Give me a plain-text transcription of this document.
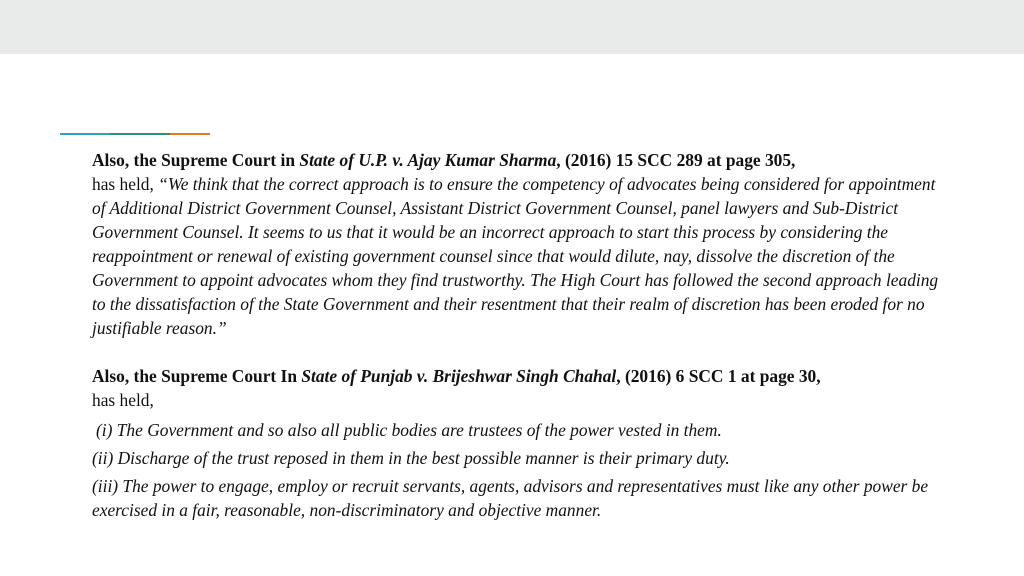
Also, the Supreme Court in State of U.P. v. Ajay Kumar Sharma, (2016) 15 SCC 289 at page 305,
has held, “We think that the correct approach is to ensure the competency of advocates being considered for appointment of Additional District Government Counsel, Assistant District Government Counsel, panel lawyers and Sub-District Government Counsel. It seems to us that it would be an incorrect approach to start this process by considering the reappointment or renewal of existing government counsel since that would dilute, nay, dissolve the discretion of the Government to appoint advocates whom they find trustworthy. The High Court has followed the second approach leading to the dissatisfaction of the State Government and their resentment that their realm of discretion has been eroded for no justifiable reason.”

Also, the Supreme Court In State of Punjab v. Brijeshwar Singh Chahal, (2016) 6 SCC 1 at page 30,
has held,

(i) The Government and so also all public bodies are trustees of the power vested in them.

(ii) Discharge of the trust reposed in them in the best possible manner is their primary duty.

(iii) The power to engage, employ or recruit servants, agents, advisors and representatives must like any other power be exercised in a fair, reasonable, non-discriminatory and objective manner.
